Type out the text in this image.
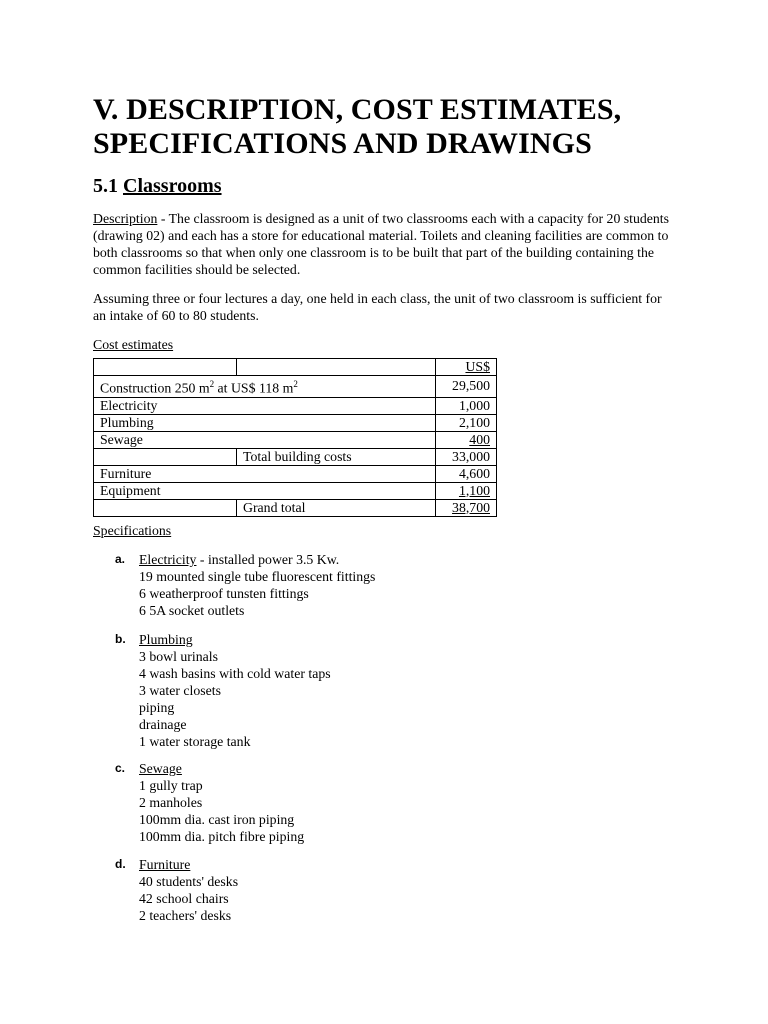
V. DESCRIPTION, COST ESTIMATES, SPECIFICATIONS AND DRAWINGS
5.1 Classrooms

Description - The classroom is designed as a unit of two classrooms each with a capacity for 20 students (drawing 02) and each has a store for educational material. Toilets and cleaning facilities are common to both classrooms so that when only one classroom is to be built that part of the building containing the common facilities should be selected.

Assuming three or four lectures a day, one held in each class, the unit of two classroom is sufficient for an intake of 60 to 80 students.

Cost estimates

		US$
Construction 250 $m^2$ at US$ 118 $m^2$		29,500
Electricity		1,000
Plumbing		2,100
Sewage		400
	Total building costs	33,000
Furniture		4,600
Equipment		1,100
	Grand total	38,700

Specifications

a. Electricity - installed power 3.5 Kw.
19 mounted single tube fluorescent fittings
6 weatherproof tunsten fittings
6 5A socket outlets
b. Plumbing
3 bowl urinals
4 wash basins with cold water taps
3 water closets
piping
drainage
1 water storage tank
c. Sewage
1 gully trap
2 manholes
100mm dia. cast iron piping
100mm dia. pitch fibre piping
d. Furniture
40 students' desks
42 school chairs
2 teachers' desks
